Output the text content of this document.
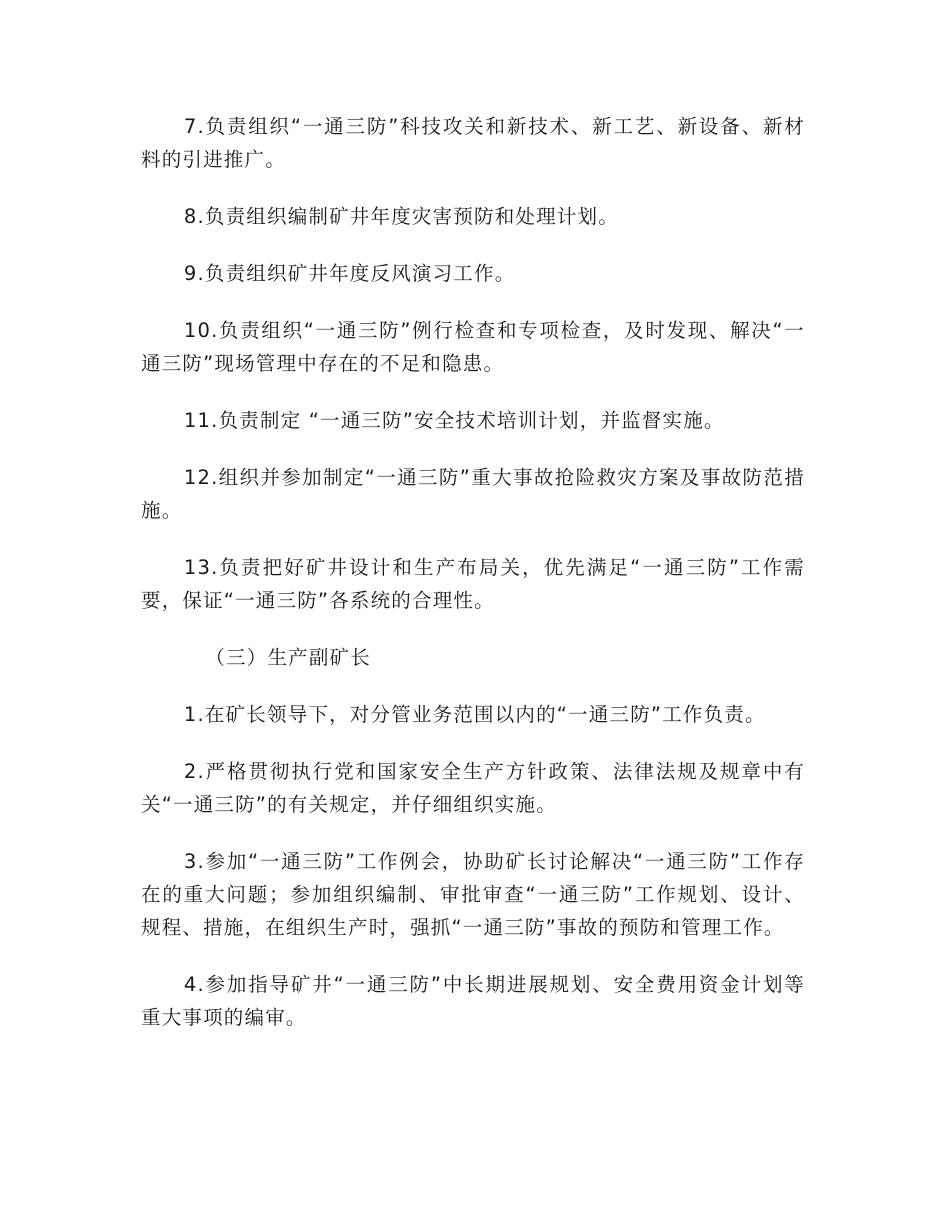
7.负责组织“一通三防”科技攻关和新技术、新工艺、新设备、新材料的引进推广。

8.负责组织编制矿井年度灾害预防和处理计划。

9.负责组织矿井年度反风演习工作。

10.负责组织“一通三防”例行检查和专项检查，及时发现、解决“一通三防”现场管理中存在的不足和隐患。

11.负责制定 “一通三防”安全技术培训计划，并监督实施。

12.组织并参加制定“一通三防”重大事故抢险救灾方案及事故防范措施。

13.负责把好矿井设计和生产布局关，优先满足“一通三防”工作需要，保证“一通三防”各系统的合理性。

（三）生产副矿长

1.在矿长领导下，对分管业务范围以内的“一通三防”工作负责。

2.严格贯彻执行党和国家安全生产方针政策、法律法规及规章中有关“一通三防”的有关规定，并仔细组织实施。

3.参加“一通三防”工作例会，协助矿长讨论解决“一通三防”工作存在的重大问题；参加组织编制、审批审查“一通三防”工作规划、设计、规程、措施，在组织生产时，强抓“一通三防”事故的预防和管理工作。

4.参加指导矿井“一通三防”中长期进展规划、安全费用资金计划等重大事项的编审。
